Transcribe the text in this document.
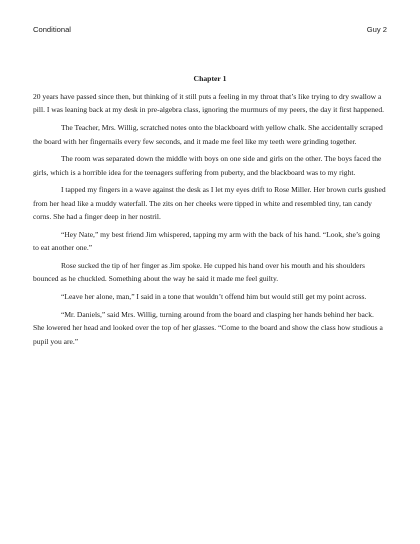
Conditional	Guy 2
Chapter 1

20 years have passed since then, but thinking of it still puts a feeling in my throat that’s like trying to dry swallow a pill. I was leaning back at my desk in pre-algebra class, ignoring the murmurs of my peers, the day it first happened.

The Teacher, Mrs. Willig, scratched notes onto the blackboard with yellow chalk. She accidentally scraped the board with her fingernails every few seconds, and it made me feel like my teeth were grinding together.

The room was separated down the middle with boys on one side and girls on the other. The boys faced the girls, which is a horrible idea for the teenagers suffering from puberty, and the blackboard was to my right.

I tapped my fingers in a wave against the desk as I let my eyes drift to Rose Miller. Her brown curls gushed from her head like a muddy waterfall. The zits on her cheeks were tipped in white and resembled tiny, tan candy corns. She had a finger deep in her nostril.

“Hey Nate,” my best friend Jim whispered, tapping my arm with the back of his hand. “Look, she’s going to eat another one.”

Rose sucked the tip of her finger as Jim spoke. He cupped his hand over his mouth and his shoulders bounced as he chuckled. Something about the way he said it made me feel guilty.

“Leave her alone, man,” I said in a tone that wouldn’t offend him but would still get my point across.

“Mr. Daniels,” said Mrs. Willig, turning around from the board and clasping her hands behind her back. She lowered her head and looked over the top of her glasses. “Come to the board and show the class how studious a pupil you are.”
